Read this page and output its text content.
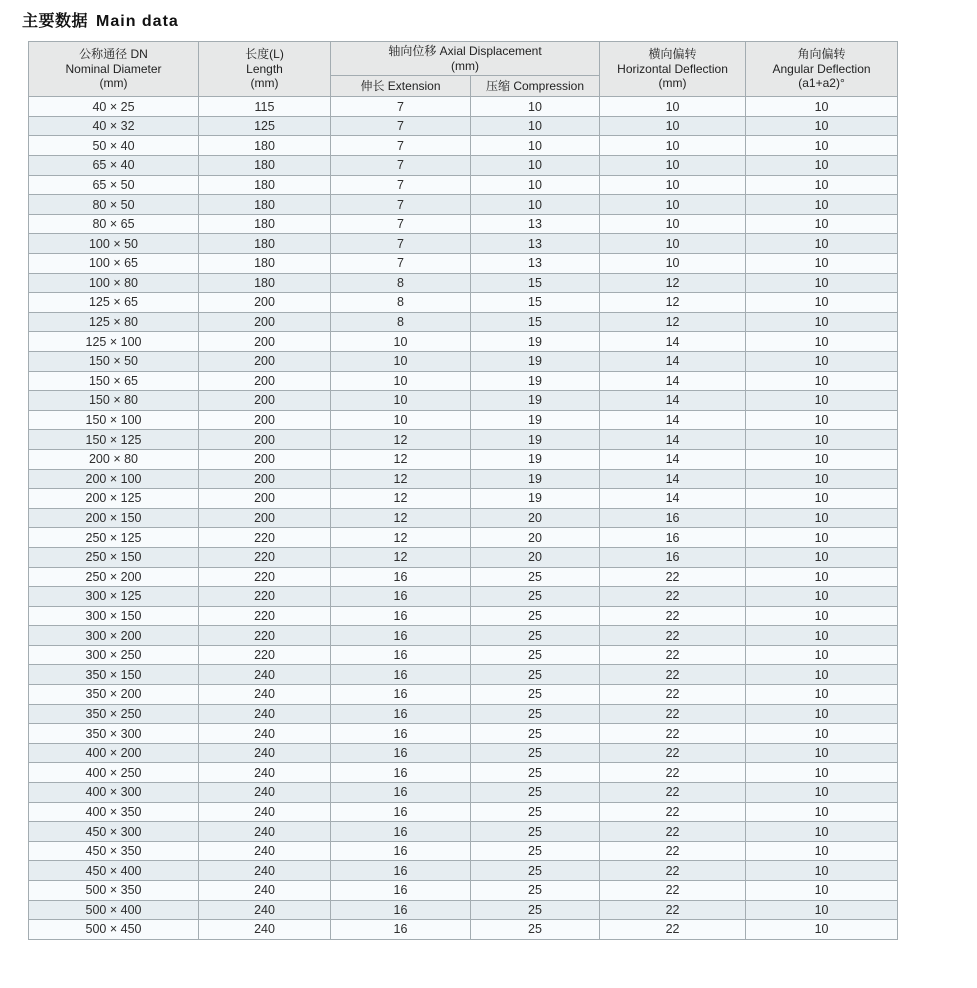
主要数据 Main data
公称通径 DN
Nominal Diameter
(mm)

长度(L)
Length
(mm)

轴向位移 Axial Displacement
(mm)

横向偏转
Horizontal Deflection
(mm)

角向偏转
Angular Deflection
(a1+a2)°

		伸长 Extension	压缩 Compression		
40 × 25	115	7	10	10	10
40 × 32	125	7	10	10	10
50 × 40	180	7	10	10	10
65 × 40	180	7	10	10	10
65 × 50	180	7	10	10	10
80 × 50	180	7	10	10	10
80 × 65	180	7	13	10	10
100 × 50	180	7	13	10	10
100 × 65	180	7	13	10	10
100 × 80	180	8	15	12	10
125 × 65	200	8	15	12	10
125 × 80	200	8	15	12	10
125 × 100	200	10	19	14	10
150 × 50	200	10	19	14	10
150 × 65	200	10	19	14	10
150 × 80	200	10	19	14	10
150 × 100	200	10	19	14	10
150 × 125	200	12	19	14	10
200 × 80	200	12	19	14	10
200 × 100	200	12	19	14	10
200 × 125	200	12	19	14	10
200 × 150	200	12	20	16	10
250 × 125	220	12	20	16	10
250 × 150	220	12	20	16	10
250 × 200	220	16	25	22	10
300 × 125	220	16	25	22	10
300 × 150	220	16	25	22	10
300 × 200	220	16	25	22	10
300 × 250	220	16	25	22	10
350 × 150	240	16	25	22	10
350 × 200	240	16	25	22	10
350 × 250	240	16	25	22	10
350 × 300	240	16	25	22	10
400 × 200	240	16	25	22	10
400 × 250	240	16	25	22	10
400 × 300	240	16	25	22	10
400 × 350	240	16	25	22	10
450 × 300	240	16	25	22	10
450 × 350	240	16	25	22	10
450 × 400	240	16	25	22	10
500 × 350	240	16	25	22	10
500 × 400	240	16	25	22	10
500 × 450	240	16	25	22	10
